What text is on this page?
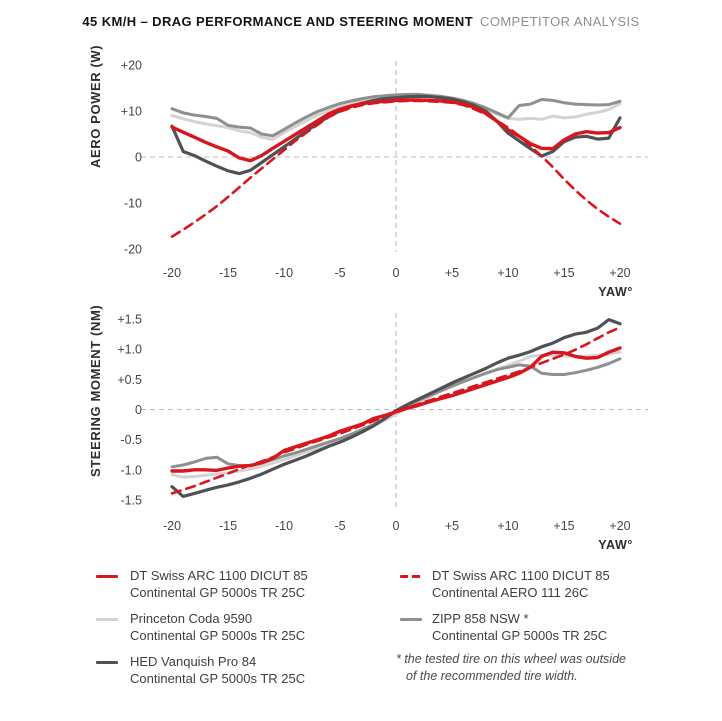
45 KM/H – DRAG PERFORMANCE AND STEERING MOMENT COMPETITOR ANALYSIS
+20
+10
0
-10
-20
-20	-15	-10	-5	0	+5	+10	+15	+20
+1.5
+1.0
+0.5
0
-0.5
-1.0
-1.5
-20	-15	-10	-5	0	+5	+10	+15	+20
AERO POWER (W)
STEERING MOMENT (NM)
YAW°
YAW°
DT Swiss ARC 1100 DICUT 85
Continental GP 5000s TR 25C
Princeton Coda 9590
Continental GP 5000s TR 25C
HED Vanquish Pro 84
Continental GP 5000s TR 25C
DT Swiss ARC 1100 DICUT 85
Continental AERO 111 26C
ZIPP 858 NSW *
Continental GP 5000s TR 25C
* the tested tire on this wheel was outside
of the recommended tire width.
